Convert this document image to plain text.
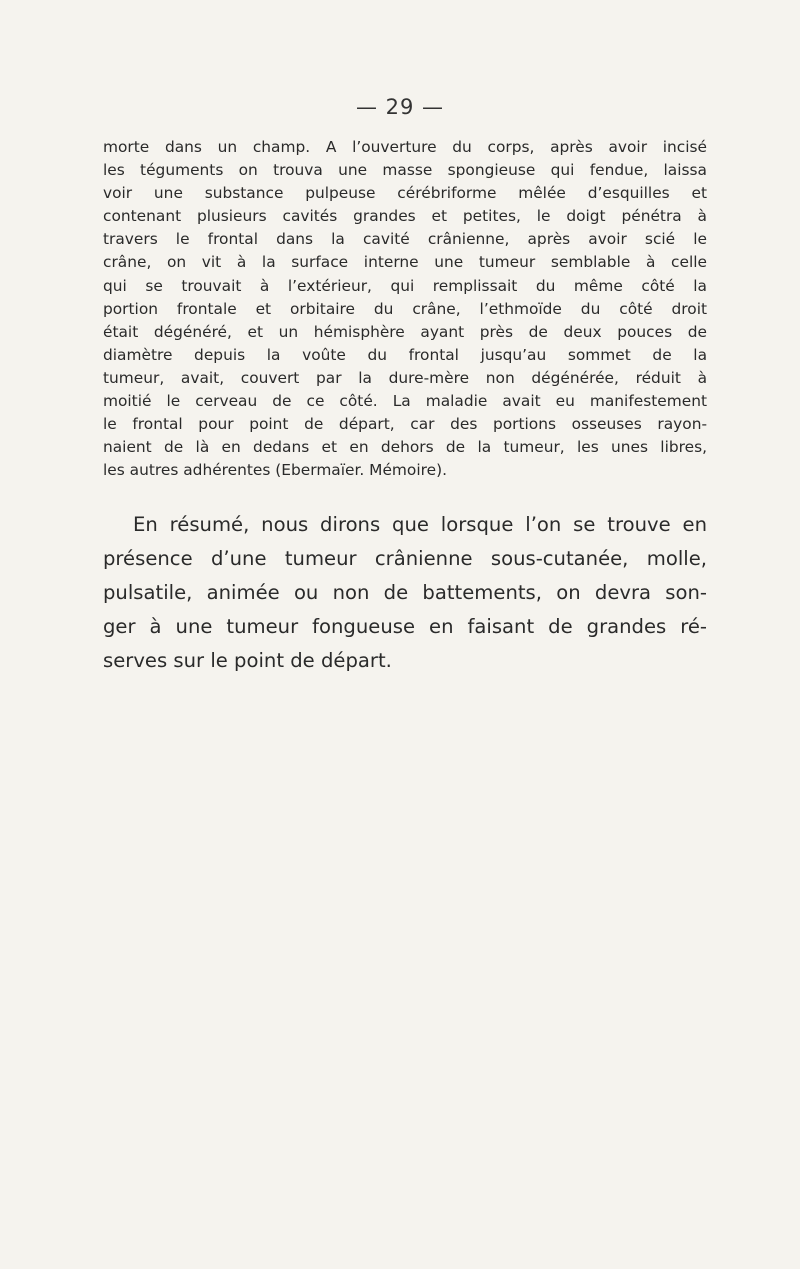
— 29 —
morte dans un champ. A l’ouverture du corps, après avoir incisé
les téguments on trouva une masse spongieuse qui fendue, laissa
voir une substance pulpeuse cérébriforme mêlée d’esquilles et
contenant plusieurs cavités grandes et petites, le doigt pénétra à
travers le frontal dans la cavité crânienne, après avoir scié le
crâne, on vit à la surface interne une tumeur semblable à celle
qui se trouvait à l’extérieur, qui remplissait du même côté la
portion frontale et orbitaire du crâne, l’ethmoïde du côté droit
était dégénéré, et un hémisphère ayant près de deux pouces de
diamètre depuis la voûte du frontal jusqu’au sommet de la
tumeur, avait, couvert par la dure-mère non dégénérée, réduit à
moitié le cerveau de ce côté. La maladie avait eu manifestement
le frontal pour point de départ, car des portions osseuses rayon-
naient de là en dedans et en dehors de la tumeur, les unes libres,
les autres adhérentes (Ebermaïer. Mémoire).
En résumé, nous dirons que lorsque l’on se trouve en
présence d’une tumeur crânienne sous-cutanée, molle,
pulsatile, animée ou non de battements, on devra son-
ger à une tumeur fongueuse en faisant de grandes ré-
serves sur le point de départ.
